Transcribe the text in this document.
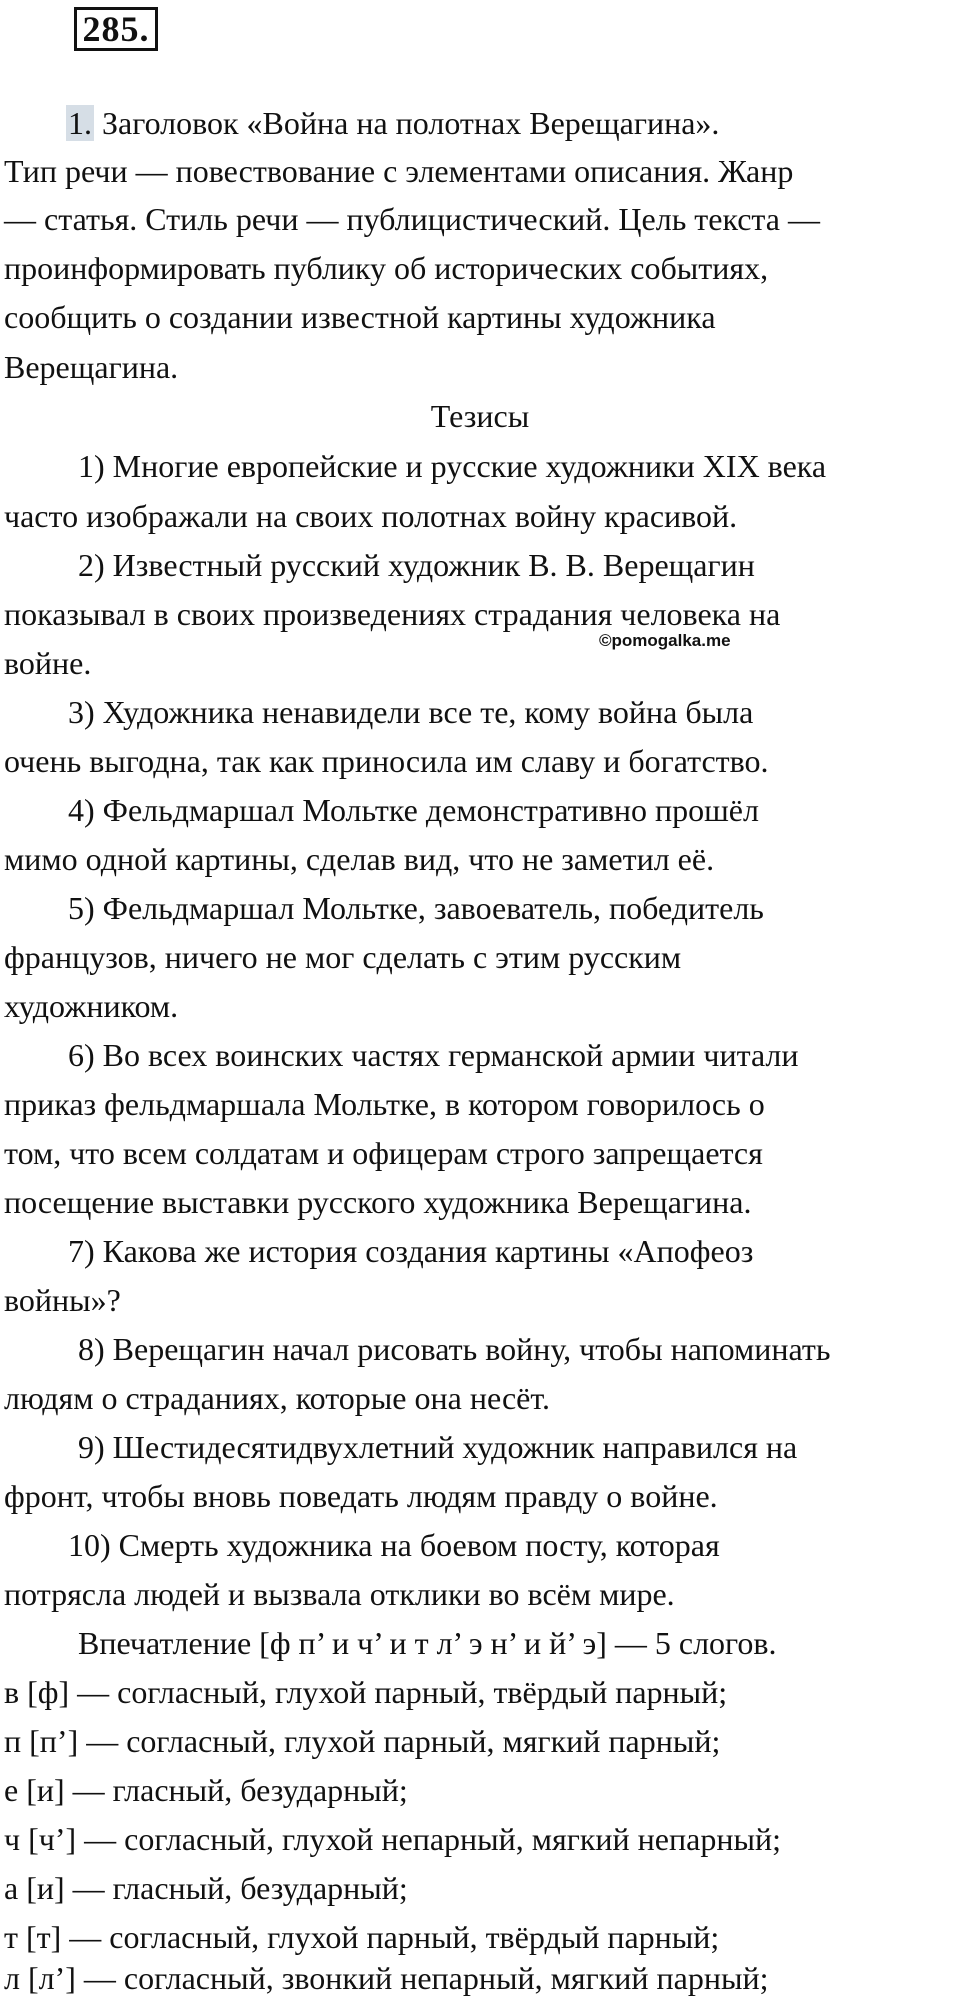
285.
1. Заголовок «Война на полотнах Верещагина».
Тип речи — повествование с элементами описания. Жанр
— статья. Стиль речи — публицистический. Цель текста —
проинформировать публику об исторических событиях,
сообщить о создании известной картины художника
Верещагина.
Тезисы
1) Многие европейские и русские художники XIX века
часто изображали на своих полотнах войну красивой.
2) Известный русский художник В. В. Верещагин
показывал в своих произведениях страдания человека на
войне.
©pomogalka.me
3) Художника ненавидели все те, кому война была
очень выгодна, так как приносила им славу и богатство.
4) Фельдмаршал Мольтке демонстративно прошёл
мимо одной картины, сделав вид, что не заметил её.
5) Фельдмаршал Мольтке, завоеватель, победитель
французов, ничего не мог сделать с этим русским
художником.
6) Во всех воинских частях германской армии читали
приказ фельдмаршала Мольтке, в котором говорилось о
том, что всем солдатам и офицерам строго запрещается
посещение выставки русского художника Верещагина.
7) Какова же история создания картины «Апофеоз
войны»?
8) Верещагин начал рисовать войну, чтобы напоминать
людям о страданиях, которые она несёт.
9) Шестидесятидвухлетний художник направился на
фронт, чтобы вновь поведать людям правду о войне.
10) Смерть художника на боевом посту, которая
потрясла людей и вызвала отклики во всём мире.
Впечатление [ф п’ и ч’ и т л’ э н’ и й’ э] — 5 слогов.
в [ф] — согласный, глухой парный, твёрдый парный;
п [п’] — согласный, глухой парный, мягкий парный;
е [и] — гласный, безударный;
ч [ч’] — согласный, глухой непарный, мягкий непарный;
а [и] — гласный, безударный;
т [т] — согласный, глухой парный, твёрдый парный;
л [л’] — согласный, звонкий непарный, мягкий парный;
